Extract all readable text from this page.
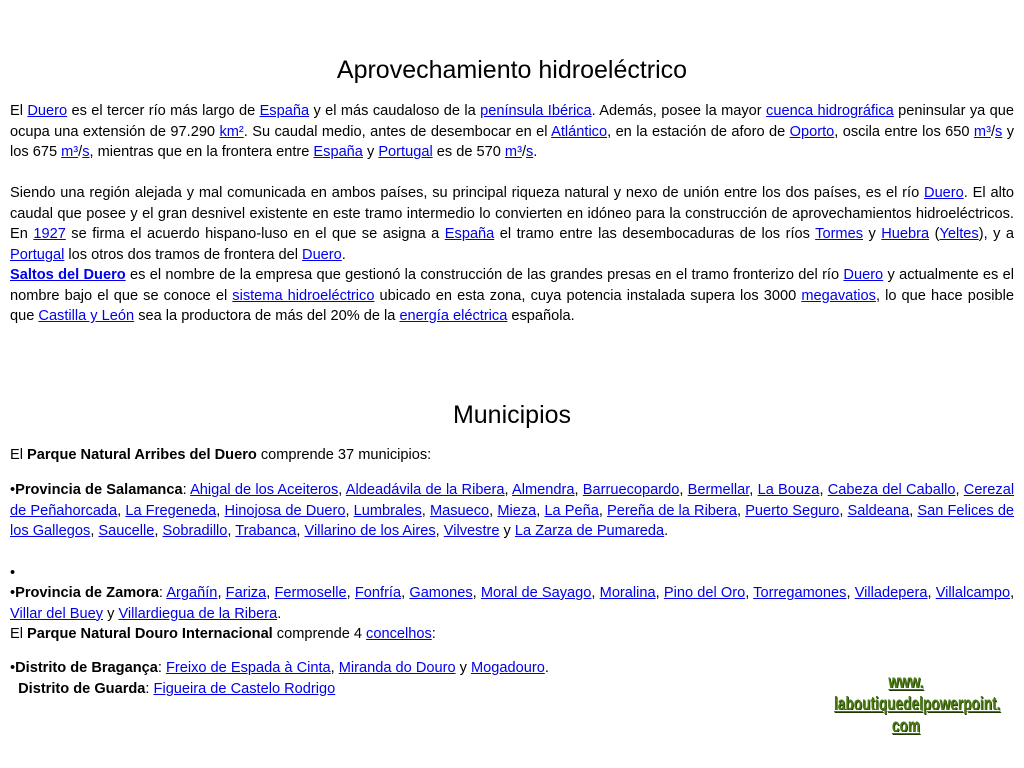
Aprovechamiento hidroeléctrico

El Duero es el tercer río más largo de España y el más caudaloso de la península Ibérica. Además, posee la mayor cuenca hidrográfica peninsular ya que ocupa una extensión de 97.290 km². Su caudal medio, antes de desembocar en el Atlántico, en la estación de aforo de Oporto, oscila entre los 650 m³/s y los 675 m³/s, mientras que en la frontera entre España y Portugal es de 570 m³/s.

Siendo una región alejada y mal comunicada en ambos países, su principal riqueza natural y nexo de unión entre los dos países, es el río Duero. El alto caudal que posee y el gran desnivel existente en este tramo intermedio lo convierten en idóneo para la construcción de aprovechamientos hidroeléctricos. En 1927 se firma el acuerdo hispano-luso en el que se asigna a España el tramo entre las desembocaduras de los ríos Tormes y Huebra (Yeltes), y a Portugal los otros dos tramos de frontera del Duero.

Saltos del Duero es el nombre de la empresa que gestionó la construcción de las grandes presas en el tramo fronterizo del río Duero y actualmente es el nombre bajo el que se conoce el sistema hidroeléctrico ubicado en esta zona, cuya potencia instalada supera los 3000 megavatios, lo que hace posible que Castilla y León sea la productora de más del 20% de la energía eléctrica española.

Municipios

El Parque Natural Arribes del Duero comprende 37 municipios:

•Provincia de Salamanca: Ahigal de los Aceiteros, Aldeadávila de la Ribera, Almendra, Barruecopardo, Bermellar, La Bouza, Cabeza del Caballo, Cerezal de Peñahorcada, La Fregeneda, Hinojosa de Duero, Lumbrales, Masueco, Mieza, La Peña, Pereña de la Ribera, Puerto Seguro, Saldeana, San Felices de los Gallegos, Saucelle, Sobradillo, Trabanca, Villarino de los Aires, Vilvestre y La Zarza de Pumareda.

•

•Provincia de Zamora: Argañín, Fariza, Fermoselle, Fonfría, Gamones, Moral de Sayago, Moralina, Pino del Oro, Torregamones, Villadepera, Villalcampo, Villar del Buey y Villardiegua de la Ribera.

El Parque Natural Douro Internacional comprende 4 concelhos:

•Distrito de Bragança: Freixo de Espada à Cinta, Miranda do Douro y Mogadouro.

Distrito de Guarda: Figueira de Castelo Rodrigo	www.
laboutiquedelpowerpoint.
com
